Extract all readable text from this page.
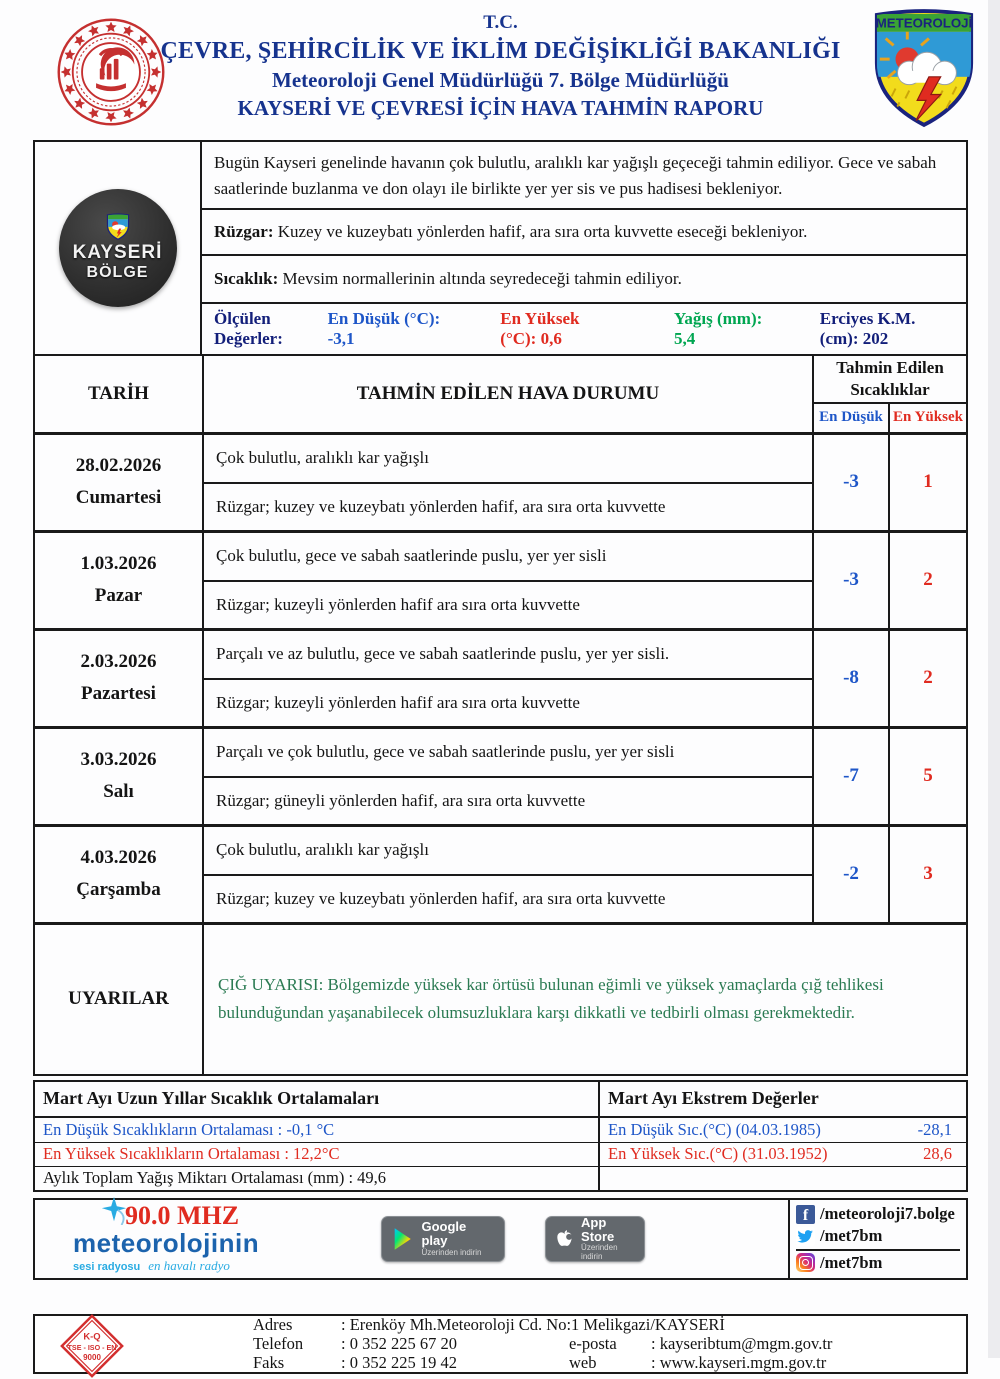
T.C.
ÇEVRE, ŞEHİRCİLİK VE İKLİM DEĞİŞİKLİĞİ BAKANLIĞI
Meteoroloji Genel Müdürlüğü 7. Bölge Müdürlüğü
KAYSERİ VE ÇEVRESİ İÇİN HAVA TAHMİN RAPORU
METEOROLOJİ
KAYSERİ
BÖLGE
Bugün Kayseri genelinde havanın çok bulutlu, aralıklı kar yağışlı geçeceği tahmin ediliyor. Gece ve sabah saatlerinde buzlanma ve don olayı ile birlikte yer yer sis ve pus hadisesi bekleniyor.
Rüzgar: Kuzey ve kuzeybatı yönlerden hafif, ara sıra orta kuvvette eseceği bekleniyor.
Sıcaklık: Mevsim normallerinin altında seyredeceği tahmin ediliyor.
Ölçülen Değerler:
En Düşük (°C): -3,1
En Yüksek (°C): 0,6
Yağış (mm): 5,4
Erciyes K.M. (cm): 202
TARİH	TAHMİN EDİLEN HAVA DURUMU
Tahmin Edilen
Sıcaklıklar
En Düşük En Yüksek
28.02.2026
Cumartesi
Çok bulutlu, aralıklı kar yağışlı
Rüzgar; kuzey ve kuzeybatı yönlerden hafif, ara sıra orta kuvvette
-3	1
1.03.2026
Pazar
Çok bulutlu, gece ve sabah saatlerinde puslu, yer yer sisli
Rüzgar; kuzeyli yönlerden hafif ara sıra orta kuvvette
-3	2
2.03.2026
Pazartesi
Parçalı ve az bulutlu, gece ve sabah saatlerinde puslu, yer yer sisli.
Rüzgar; kuzeyli yönlerden hafif ara sıra orta kuvvette
-8	2
3.03.2026
Salı
Parçalı ve çok bulutlu, gece ve sabah saatlerinde puslu, yer yer sisli
Rüzgar; güneyli yönlerden hafif, ara sıra orta kuvvette
-7	5
4.03.2026
Çarşamba
Çok bulutlu, aralıklı kar yağışlı
Rüzgar; kuzey ve kuzeybatı yönlerden hafif, ara sıra orta kuvvette
-2	3
UYARILAR
ÇIĞ UYARISI: Bölgemizde yüksek kar örtüsü bulunan eğimli ve yüksek yamaçlarda çığ tehlikesi bulunduğundan yaşanabilecek olumsuzluklara karşı dikkatli ve tedbirli olması gerekmektedir.
Mart Ayı Uzun Yıllar Sıcaklık Ortalamaları
En Düşük Sıcaklıkların Ortalaması : -0,1 °C
En Yüksek Sıcaklıkların Ortalaması : 12,2°C
Aylık Toplam Yağış Miktarı Ortalaması (mm) : 49,6
Mart Ayı Ekstrem Değerler
En Düşük Sıc.(°C) (04.03.1985)	-28,1
En Yüksek Sıc.(°C) (31.03.1952)	28,6
90.0 MHZ
meteorolojinin
sesi radyosu en havalı radyo
Google play
Üzerinden indirin
App Store
Üzerinden indirin
f /meteoroloji7.bolge
/met7bm
/met7bm
K-Q
TSE - ISO - EN
9000
Adres	: Erenköy Mh.Meteoroloji Cd. No:1 Melikgazi/KAYSERİ
Telefon	: 0 352 225 67 20	e-posta	: kayseribtum@mgm.gov.tr
Faks	: 0 352 225 19 42	web	: www.kayseri.mgm.gov.tr
